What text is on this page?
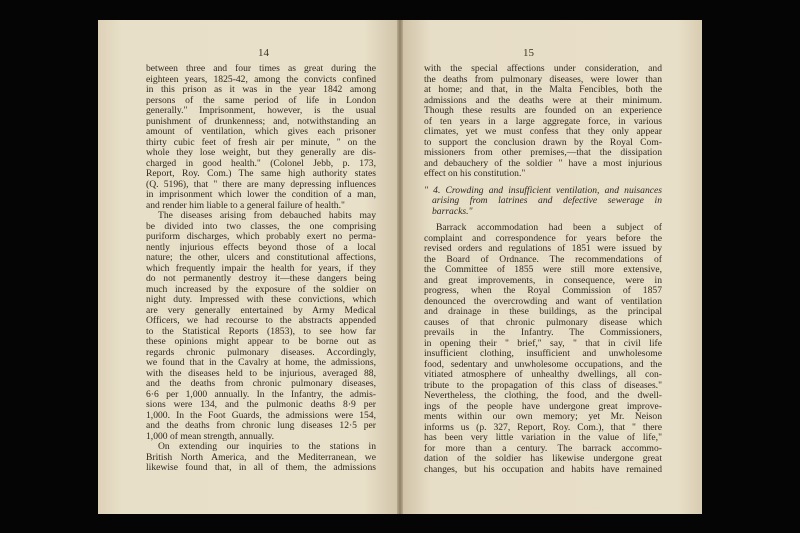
14
between three and four times as great during the
eighteen years, 1825-42, among the convicts confined
in this prison as it was in the year 1842 among
persons of the same period of life in London
generally." Imprisonment, however, is the usual
punishment of drunkenness; and, notwithstanding an
amount of ventilation, which gives each prisoner
thirty cubic feet of fresh air per minute, " on the
whole they lose weight, but they generally are dis-
charged in good health." (Colonel Jebb, p. 173,
Report, Roy. Com.) The same high authority states
(Q. 5196), that " there are many depressing influences
in imprisonment which lower the condition of a man,
and render him liable to a general failure of health."
The diseases arising from debauched habits may
be divided into two classes, the one comprising
puriform discharges, which probably exert no perma-
nently injurious effects beyond those of a local
nature; the other, ulcers and constitutional affections,
which frequently impair the health for years, if they
do not permanently destroy it—these dangers being
much increased by the exposure of the soldier on
night duty. Impressed with these convictions, which
are very generally entertained by Army Medical
Officers, we had recourse to the abstracts appended
to the Statistical Reports (1853), to see how far
these opinions might appear to be borne out as
regards chronic pulmonary diseases. Accordingly,
we found that in the Cavalry at home, the admissions,
with the diseases held to be injurious, averaged 88,
and the deaths from chronic pulmonary diseases,
6·6 per 1,000 annually. In the Infantry, the admis-
sions were 134, and the pulmonic deaths 8·9 per
1,000. In the Foot Guards, the admissions were 154,
and the deaths from chronic lung diseases 12·5 per
1,000 of mean strength, annually.
On extending our inquiries to the stations in
British North America, and the Mediterranean, we
likewise found that, in all of them, the admissions
15
with the special affections under consideration, and
the deaths from pulmonary diseases, were lower than
at home; and that, in the Malta Fencibles, both the
admissions and the deaths were at their minimum.
Though these results are founded on an experience
of ten years in a large aggregate force, in various
climates, yet we must confess that they only appear
to support the conclusion drawn by the Royal Com-
missioners from other premises,—that the dissipation
and debauchery of the soldier " have a most injurious
effect on his constitution."
" 4. Crowding and insufficient ventilation, and nuisances
arising from latrines and defective sewerage in
barracks."
Barrack accommodation had been a subject of
complaint and correspondence for years before the
revised orders and regulations of 1851 were issued by
the Board of Ordnance. The recommendations of
the Committee of 1855 were still more extensive,
and great improvements, in consequence, were in
progress, when the Royal Commission of 1857
denounced the overcrowding and want of ventilation
and drainage in these buildings, as the principal
causes of that chronic pulmonary disease which
prevails in the Infantry. The Commissioners,
in opening their " brief," say, " that in civil life
insufficient clothing, insufficient and unwholesome
food, sedentary and unwholesome occupations, and the
vitiated atmosphere of unhealthy dwellings, all con-
tribute to the propagation of this class of diseases."
Nevertheless, the clothing, the food, and the dwell-
ings of the people have undergone great improve-
ments within our own memory; yet Mr. Neison
informs us (p. 327, Report, Roy. Com.), that " there
has been very little variation in the value of life,"
for more than a century. The barrack accommo-
dation of the soldier has likewise undergone great
changes, but his occupation and habits have remained
